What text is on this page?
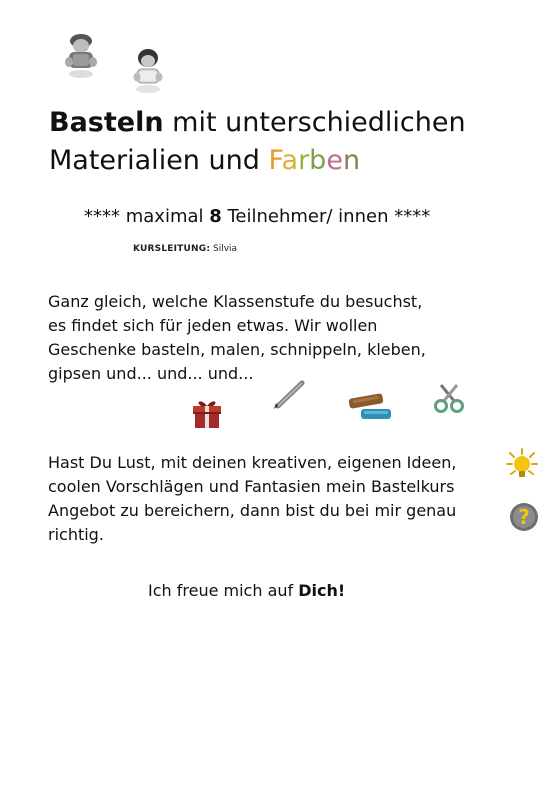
Basteln mit unterschiedlichen
Materialien und Farben
**** maximal 8 Teilnehmer/ innen ****
KURSLEITUNG: Silvia
Ganz gleich, welche Klassenstufe du besuchst,
es findet sich für jeden etwas. Wir wollen
Geschenke basteln, malen, schnippeln, kleben,
gipsen und... und... und...
Hast Du Lust, mit deinen kreativen, eigenen Ideen,
coolen Vorschlägen und Fantasien mein Bastelkurs
Angebot zu bereichern, dann bist du bei mir genau
richtig.
?
Ich freue mich auf Dich!
